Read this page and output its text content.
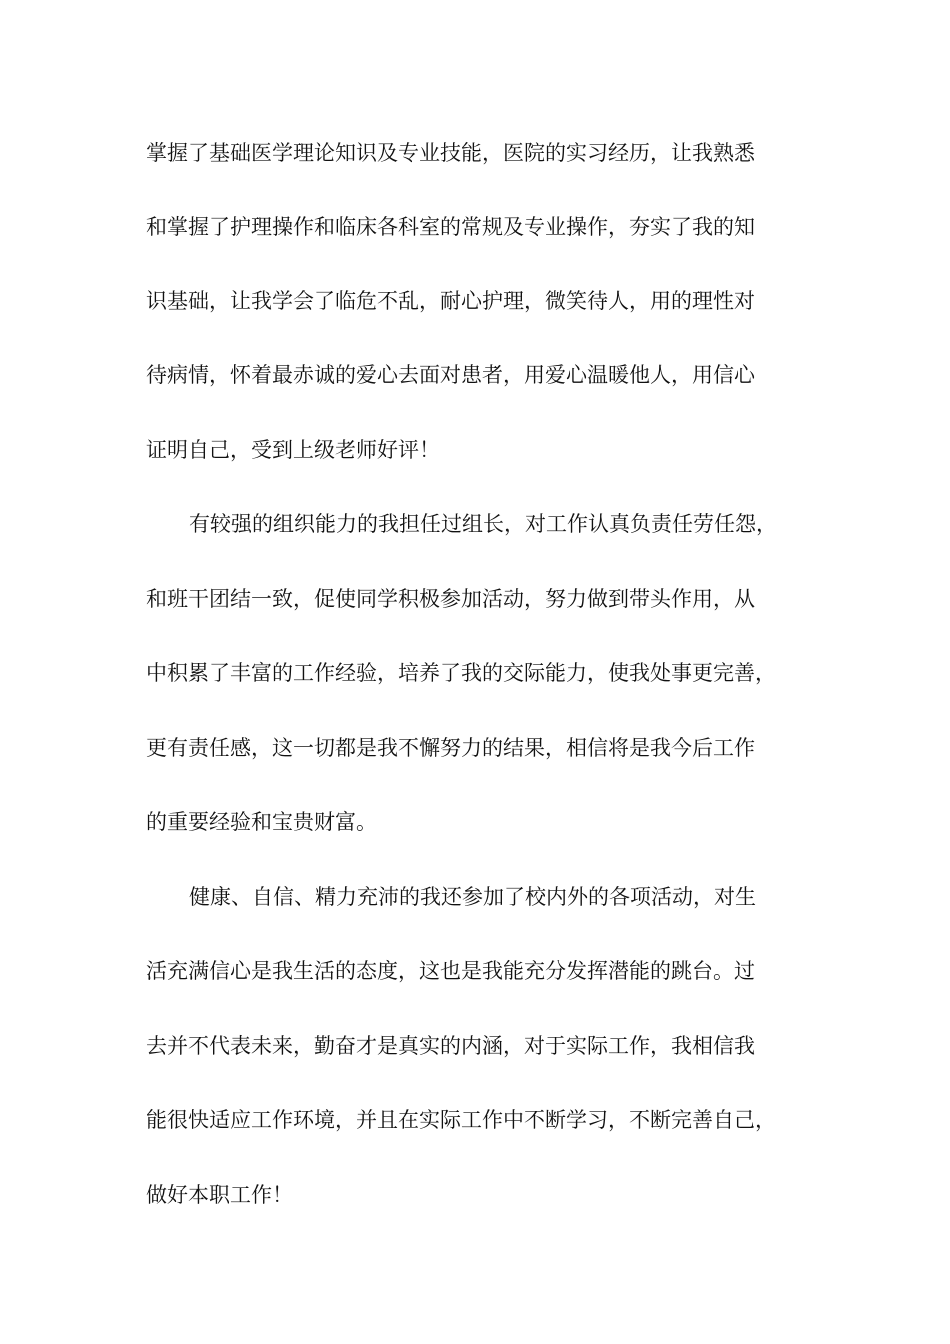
掌握了基础医学理论知识及专业技能，医院的实习经历，让我熟悉
和掌握了护理操作和临床各科室的常规及专业操作，夯实了我的知
识基础，让我学会了临危不乱，耐心护理，微笑待人，用的理性对
待病情，怀着最赤诚的爱心去面对患者，用爱心温暖他人，用信心
证明自己，受到上级老师好评！
有较强的组织能力的我担任过组长，对工作认真负责任劳任怨，
和班干团结一致，促使同学积极参加活动，努力做到带头作用，从
中积累了丰富的工作经验，培养了我的交际能力，使我处事更完善，
更有责任感，这一切都是我不懈努力的结果，相信将是我今后工作
的重要经验和宝贵财富。
健康、自信、精力充沛的我还参加了校内外的各项活动，对生
活充满信心是我生活的态度，这也是我能充分发挥潜能的跳台。过
去并不代表未来，勤奋才是真实的内涵，对于实际工作，我相信我
能很快适应工作环境，并且在实际工作中不断学习，不断完善自己，
做好本职工作！
